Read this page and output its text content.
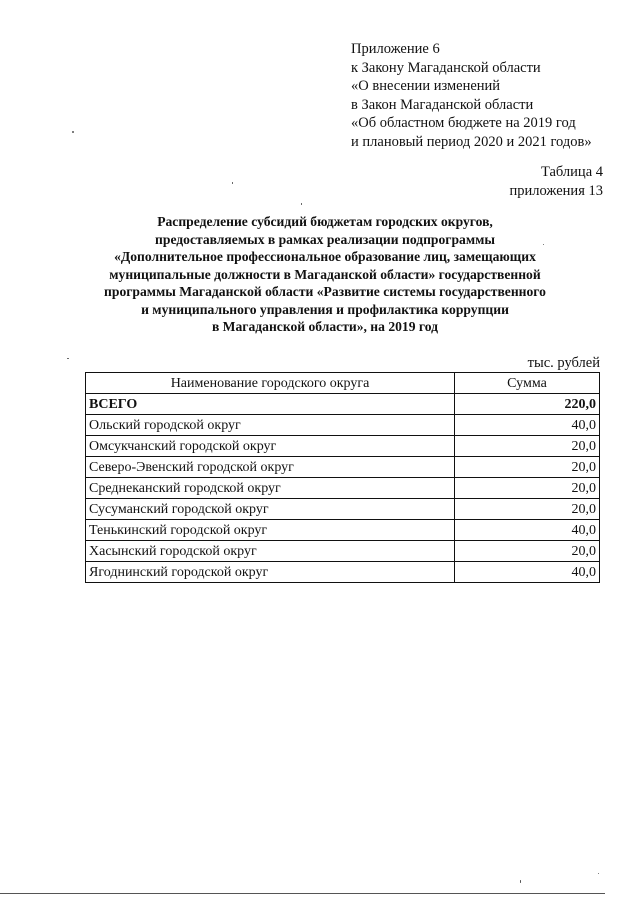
Приложение 6
к Закону Магаданской области
«О внесении изменений
в Закон Магаданской области
«Об областном бюджете на 2019 год
и плановый период 2020 и 2021 годов»
Таблица 4
приложения 13
Распределение субсидий бюджетам городских округов,
предоставляемых в рамках реализации подпрограммы
«Дополнительное профессиональное образование лиц, замещающих
муниципальные должности в Магаданской области» государственной
программы Магаданской области «Развитие системы государственного
и муниципального управления и профилактика коррупции
в Магаданской области», на 2019 год
тыс. рублей
Наименование городского округа	Сумма
ВСЕГО	220,0
Ольский городской округ	40,0
Омсукчанский городской округ	20,0
Северо-Эвенский городской округ	20,0
Среднеканский городской округ	20,0
Сусуманский городской округ	20,0
Тенькинский городской округ	40,0
Хасынский городской округ	20,0
Ягоднинский городской округ	40,0
